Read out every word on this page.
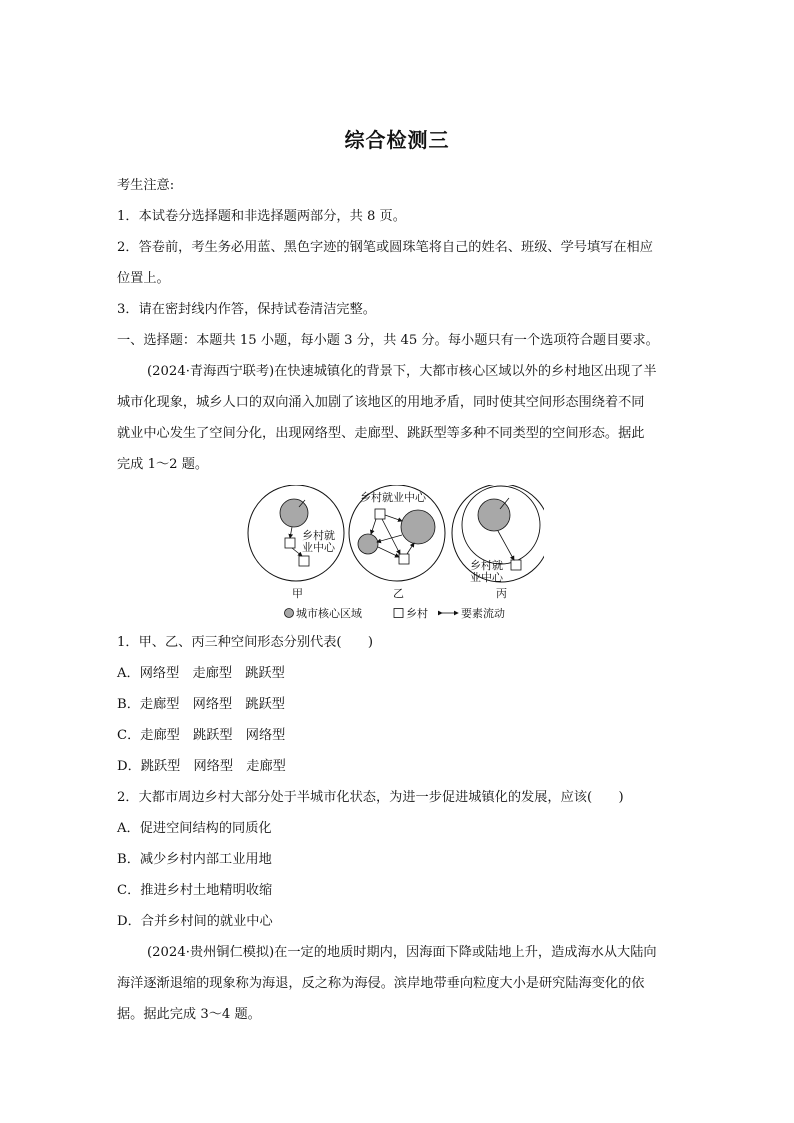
综合检测三
考生注意:
1．本试卷分选择题和非选择题两部分，共 8 页。
2．答卷前，考生务必用蓝、黑色字迹的钢笔或圆珠笔将自己的姓名、班级、学号填写在相应
位置上。
3．请在密封线内作答，保持试卷清洁完整。
一、选择题：本题共 15 小题，每小题 3 分，共 45 分。每小题只有一个选项符合题目要求。
(2024·青海西宁联考)在快速城镇化的背景下，大都市核心区域以外的乡村地区出现了半
城市化现象，城乡人口的双向涌入加剧了该地区的用地矛盾，同时使其空间形态围绕着不同
就业中心发生了空间分化，出现网络型、走廊型、跳跃型等多种不同类型的空间形态。据此
完成 1～2 题。
乡村就
业中心
甲
乡村就业中心
乙
乡村就
业中心
丙
城市核心区域	乡村	要素流动
1．甲、乙、丙三种空间形态分别代表(　　)
A．网络型　走廊型　跳跃型
B．走廊型　网络型　跳跃型
C．走廊型　跳跃型　网络型
D．跳跃型　网络型　走廊型
2．大都市周边乡村大部分处于半城市化状态，为进一步促进城镇化的发展，应该(　　)
A．促进空间结构的同质化
B．减少乡村内部工业用地
C．推进乡村土地精明收缩
D．合并乡村间的就业中心
(2024·贵州铜仁模拟)在一定的地质时期内，因海面下降或陆地上升，造成海水从大陆向
海洋逐渐退缩的现象称为海退，反之称为海侵。滨岸地带垂向粒度大小是研究陆海变化的依
据。据此完成 3～4 题。
